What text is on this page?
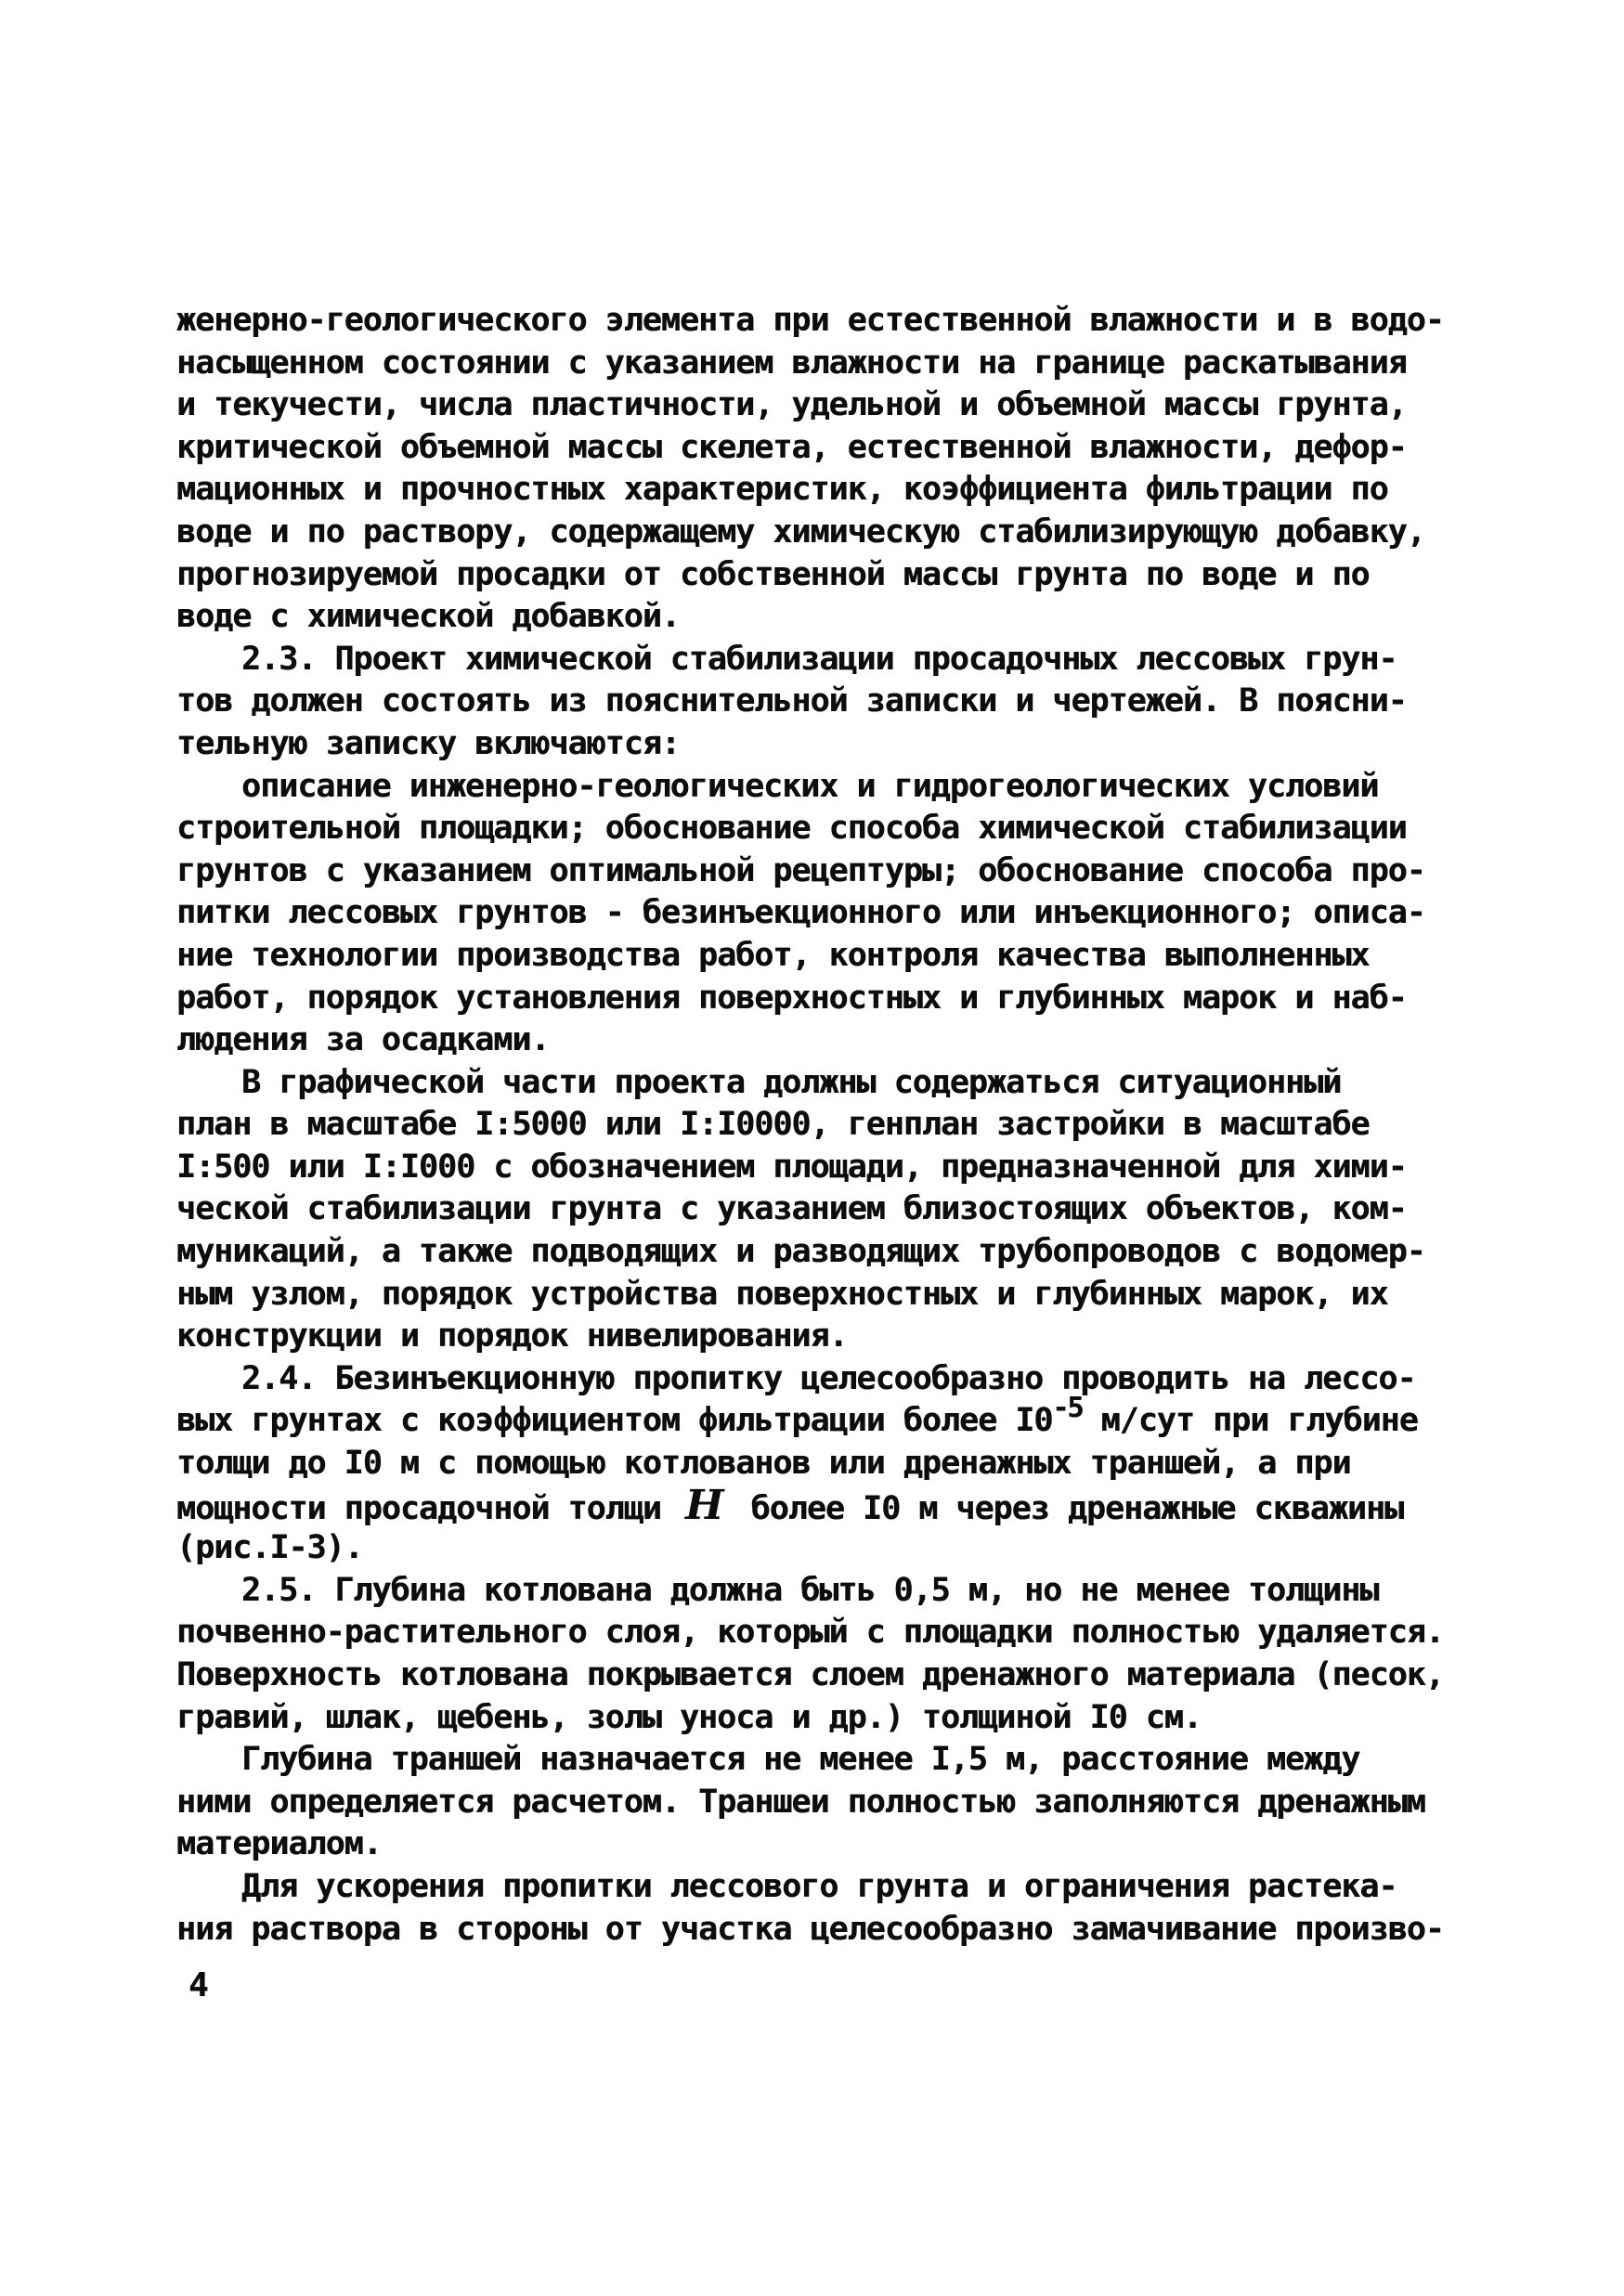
женерно-геологического элемента при естественной влажности и в водо-
насыщенном состоянии с указанием влажности на границе раскатывания
и текучести, числа пластичности, удельной и объемной массы грунта,
критической объемной массы скелета, естественной влажности, дефор-
мационных и прочностных характеристик, коэффициента фильтрации по
воде и по раствору, содержащему химическую стабилизирующую добавку,
прогнозируемой просадки от собственной массы грунта по воде и по
воде с химической добавкой.
2.3. Проект химической стабилизации просадочных лессовых грун-
тов должен состоять из пояснительной записки и чертежей. В поясни-
тельную записку включаются:
описание инженерно-геологических и гидрогеологических условий
строительной площадки; обоснование способа химической стабилизации
грунтов с указанием оптимальной рецептуры; обоснование способа про-
питки лессовых грунтов - безинъекционного или инъекционного; описа-
ние технологии производства работ, контроля качества выполненных
работ, порядок установления поверхностных и глубинных марок и наб-
людения за осадками.
В графической части проекта должны содержаться ситуационный
план в масштабе I:5000 или I:I0000, генплан застройки в масштабе
I:500 или I:I000 с обозначением площади, предназначенной для хими-
ческой стабилизации грунта с указанием близостоящих объектов, ком-
муникаций, а также подводящих и разводящих трубопроводов с водомер-
ным узлом, порядок устройства поверхностных и глубинных марок, их
конструкции и порядок нивелирования.
2.4. Безинъекционную пропитку целесообразно проводить на лессо-
вых грунтах с коэффициентом фильтрации более I0-5 м/сут при глубине
толщи до I0 м с помощью котлованов или дренажных траншей, а при
мощности просадочной толщи Н более I0 м через дренажные скважины
(рис.I-3).
2.5. Глубина котлована должна быть 0,5 м, но не менее толщины
почвенно-растительного слоя, который с площадки полностью удаляется.
Поверхность котлована покрывается слоем дренажного материала (песок,
гравий, шлак, щебень, золы уноса и др.) толщиной I0 см.
Глубина траншей назначается не менее I,5 м, расстояние между
ними определяется расчетом. Траншеи полностью заполняются дренажным
материалом.
Для ускорения пропитки лессового грунта и ограничения растека-
ния раствора в стороны от участка целесообразно замачивание произво-
4
